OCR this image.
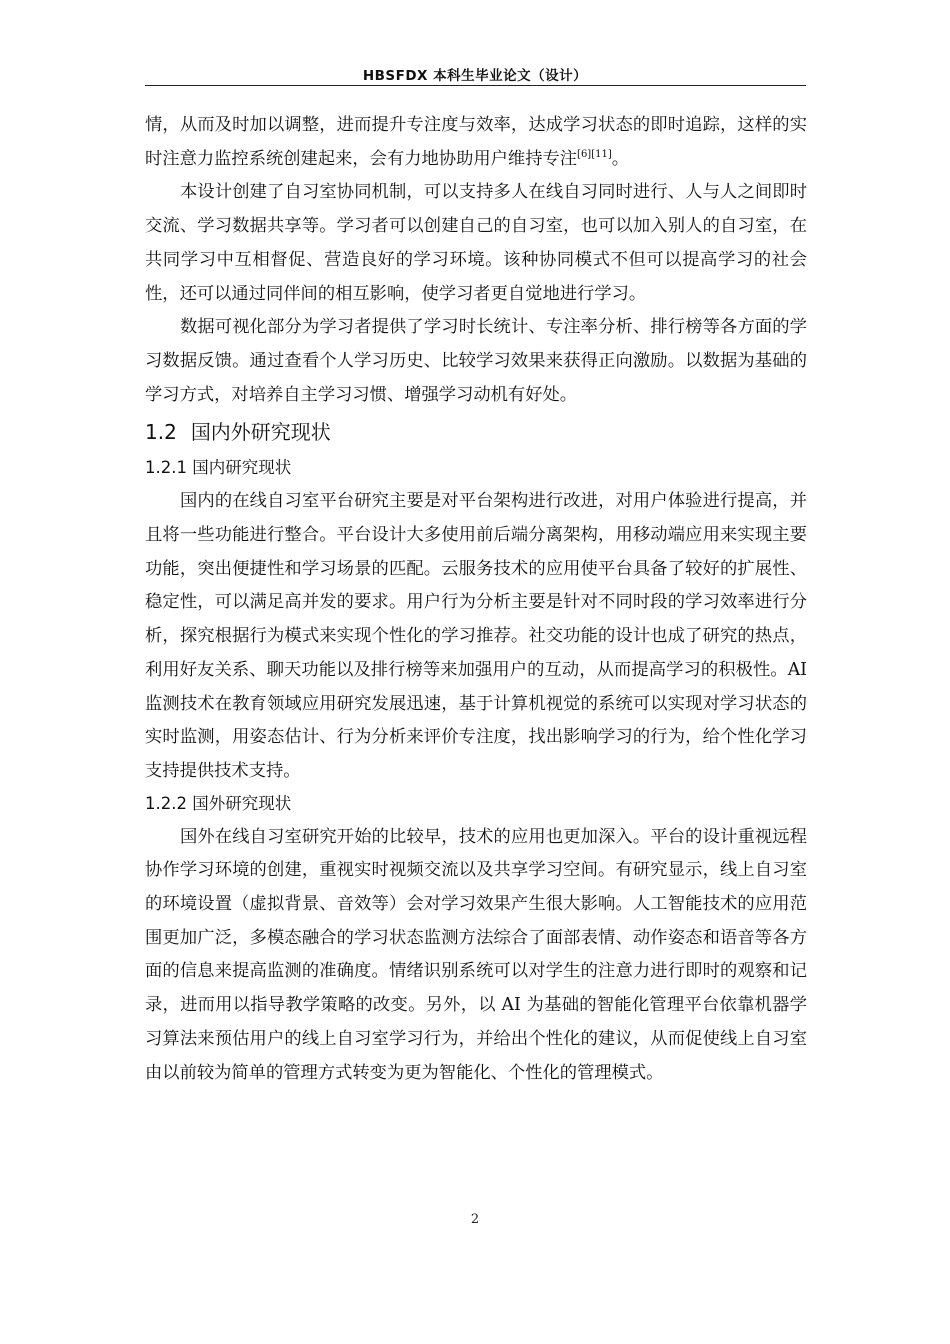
HBSFDX 本科生毕业论文（设计）

情，从而及时加以调整，进而提升专注度与效率，达成学习状态的即时追踪，这样的实时注意力监控系统创建起来，会有力地协助用户维持专注[6][11]。

本设计创建了自习室协同机制，可以支持多人在线自习同时进行、人与人之间即时交流、学习数据共享等。学习者可以创建自己的自习室，也可以加入别人的自习室，在共同学习中互相督促、营造良好的学习环境。该种协同模式不但可以提高学习的社会性，还可以通过同伴间的相互影响，使学习者更自觉地进行学习。

数据可视化部分为学习者提供了学习时长统计、专注率分析、排行榜等各方面的学习数据反馈。通过查看个人学习历史、比较学习效果来获得正向激励。以数据为基础的学习方式，对培养自主学习习惯、增强学习动机有好处。

1.2 国内外研究现状
1.2.1 国内研究现状

国内的在线自习室平台研究主要是对平台架构进行改进，对用户体验进行提高，并且将一些功能进行整合。平台设计大多使用前后端分离架构，用移动端应用来实现主要功能，突出便捷性和学习场景的匹配。云服务技术的应用使平台具备了较好的扩展性、稳定性，可以满足高并发的要求。用户行为分析主要是针对不同时段的学习效率进行分析，探究根据行为模式来实现个性化的学习推荐。社交功能的设计也成了研究的热点，利用好友关系、聊天功能以及排行榜等来加强用户的互动，从而提高学习的积极性。AI 监测技术在教育领域应用研究发展迅速，基于计算机视觉的系统可以实现对学习状态的实时监测，用姿态估计、行为分析来评价专注度，找出影响学习的行为，给个性化学习支持提供技术支持。

1.2.2 国外研究现状

国外在线自习室研究开始的比较早，技术的应用也更加深入。平台的设计重视远程协作学习环境的创建，重视实时视频交流以及共享学习空间。有研究显示，线上自习室的环境设置（虚拟背景、音效等）会对学习效果产生很大影响。人工智能技术的应用范围更加广泛，多模态融合的学习状态监测方法综合了面部表情、动作姿态和语音等各方面的信息来提高监测的准确度。情绪识别系统可以对学生的注意力进行即时的观察和记录，进而用以指导教学策略的改变。另外，以 AI 为基础的智能化管理平台依靠机器学习算法来预估用户的线上自习室学习行为，并给出个性化的建议，从而促使线上自习室由以前较为简单的管理方式转变为更为智能化、个性化的管理模式。

2
